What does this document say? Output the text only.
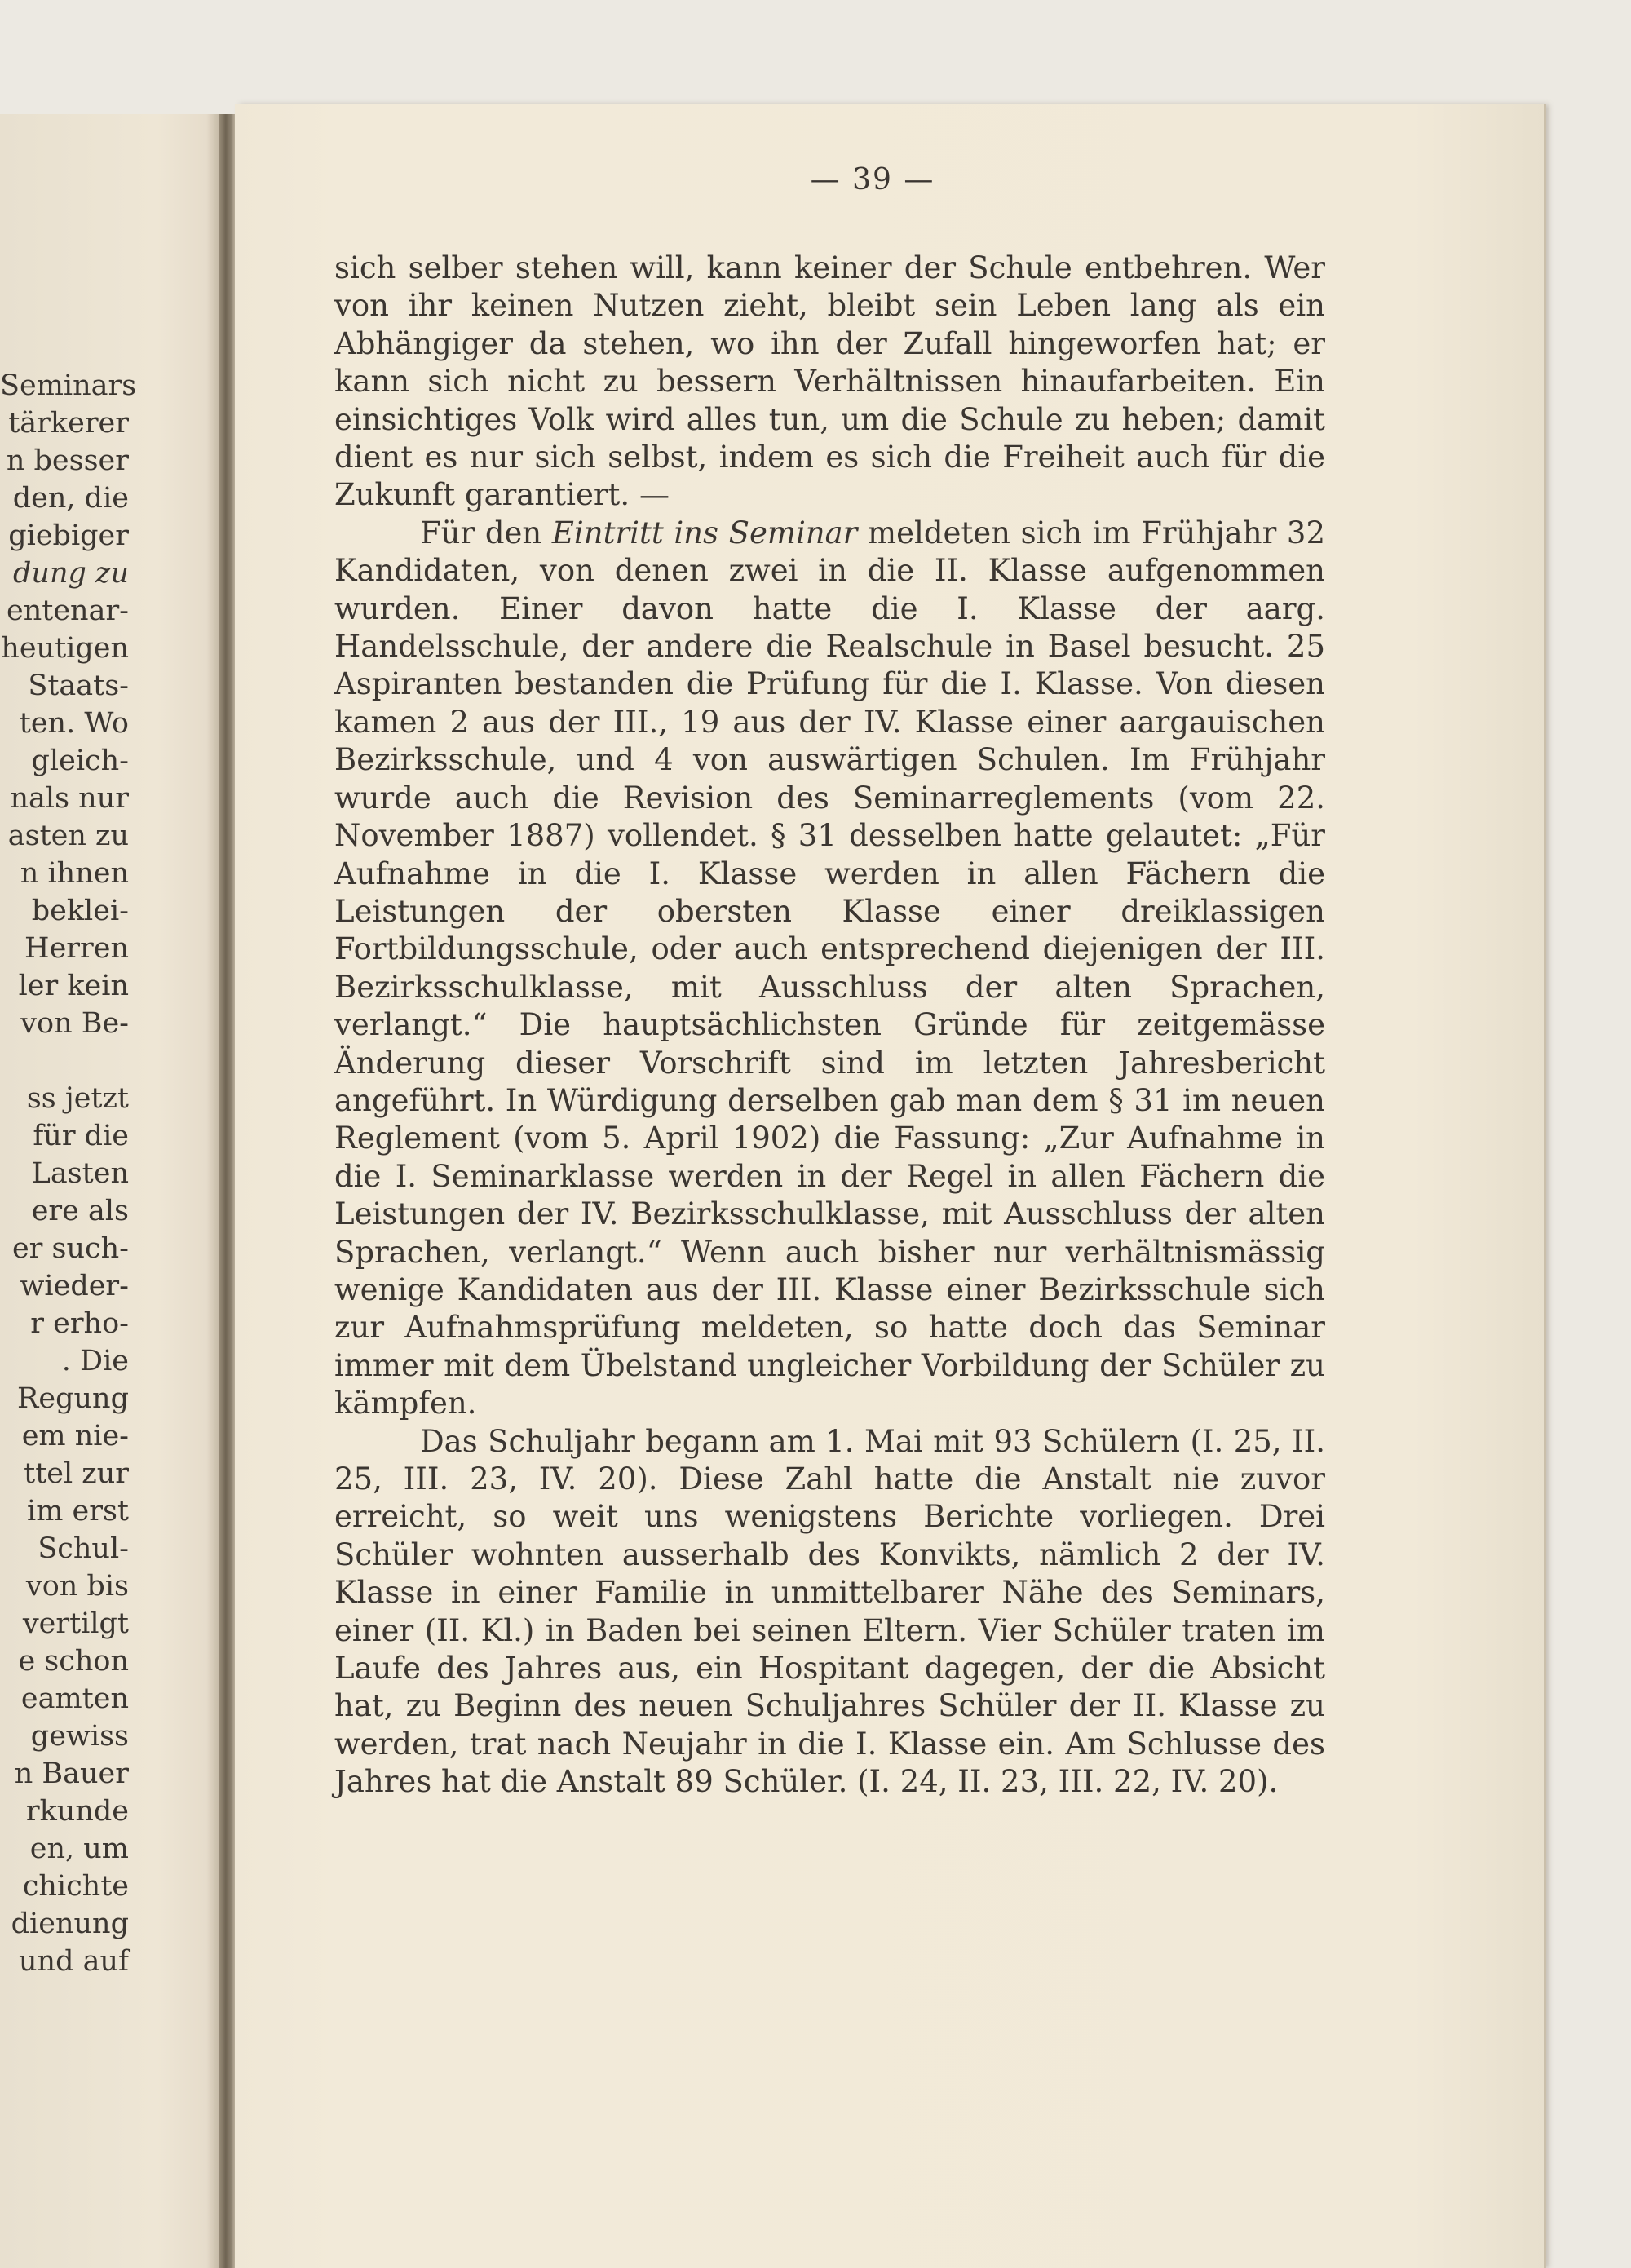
Seminars
tärkerer
n besser
den, die
giebiger
dung zu
entenar-
heutigen
Staats-
ten. Wo
gleich-
nals nur
asten zu
n ihnen
beklei-
Herren
ler kein
von Be-

ss jetzt
für die
Lasten
ere als
er such-
wieder-
r erho-
. Die
Regung
em nie-
ttel zur
im erst
Schul-
von bis
vertilgt
e schon
eamten
gewiss
n Bauer
rkunde
en, um
chichte
dienung
und auf
— 39 —

sich selber stehen will, kann keiner der Schule entbehren. Wer von ihr keinen Nutzen zieht, bleibt sein Leben lang als ein Abhängiger da stehen, wo ihn der Zufall hingeworfen hat; er kann sich nicht zu bessern Verhältnissen hinaufarbeiten. Ein einsichtiges Volk wird alles tun, um die Schule zu heben; damit dient es nur sich selbst, indem es sich die Freiheit auch für die Zukunft garantiert. —

Für den Eintritt ins Seminar meldeten sich im Frühjahr 32 Kandidaten, von denen zwei in die II. Klasse aufgenommen wurden. Einer davon hatte die I. Klasse der aarg. Handelsschule, der andere die Realschule in Basel besucht. 25 Aspiranten bestanden die Prüfung für die I. Klasse. Von diesen kamen 2 aus der III., 19 aus der IV. Klasse einer aargauischen Bezirksschule, und 4 von auswärtigen Schulen. Im Frühjahr wurde auch die Revision des Seminarreglements (vom 22. November 1887) vollendet. § 31 desselben hatte gelautet: „Für Aufnahme in die I. Klasse werden in allen Fächern die Leistungen der obersten Klasse einer dreiklassigen Fortbildungsschule, oder auch entsprechend diejenigen der III. Bezirksschulklasse, mit Ausschluss der alten Sprachen, verlangt.“ Die hauptsächlichsten Gründe für zeitgemässe Änderung dieser Vorschrift sind im letzten Jahresbericht angeführt. In Würdigung derselben gab man dem § 31 im neuen Reglement (vom 5. April 1902) die Fassung: „Zur Aufnahme in die I. Seminarklasse werden in der Regel in allen Fächern die Leistungen der IV. Bezirksschulklasse, mit Ausschluss der alten Sprachen, verlangt.“ Wenn auch bisher nur verhältnismässig wenige Kandidaten aus der III. Klasse einer Bezirksschule sich zur Aufnahmsprüfung meldeten, so hatte doch das Seminar immer mit dem Übelstand ungleicher Vorbildung der Schüler zu kämpfen.

Das Schuljahr begann am 1. Mai mit 93 Schülern (I. 25, II. 25, III. 23, IV. 20). Diese Zahl hatte die Anstalt nie zuvor erreicht, so weit uns wenigstens Berichte vorliegen. Drei Schüler wohnten ausserhalb des Konvikts, nämlich 2 der IV. Klasse in einer Familie in unmittelbarer Nähe des Seminars, einer (II. Kl.) in Baden bei seinen Eltern. Vier Schüler traten im Laufe des Jahres aus, ein Hospitant dagegen, der die Absicht hat, zu Beginn des neuen Schuljahres Schüler der II. Klasse zu werden, trat nach Neujahr in die I. Klasse ein. Am Schlusse des Jahres hat die Anstalt 89 Schüler. (I. 24, II. 23, III. 22, IV. 20).
